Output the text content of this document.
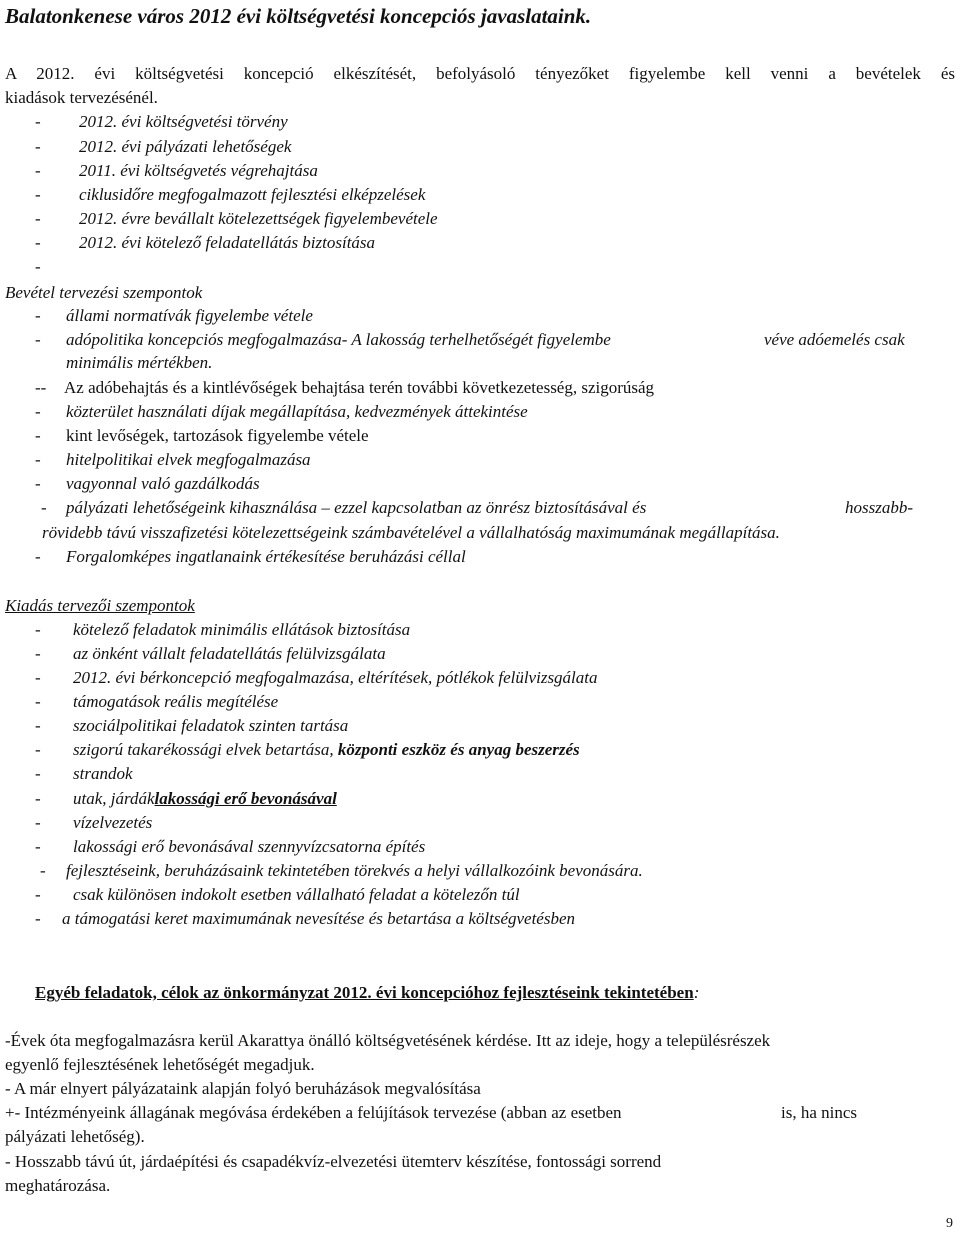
Balatonkenese város 2012 évi költségvetési koncepciós javaslataink.
A 2012. évi költségvetési koncepció elkészítését, befolyásoló tényezőket figyelembe kell venni a bevételek és
kiadások tervezésénél.
- 2012. évi költségvetési törvény
- 2012. évi pályázati lehetőségek
- 2011. évi költségvetés végrehajtása
- ciklusidőre megfogalmazott fejlesztési elképzelések
- 2012. évre bevállalt kötelezettségek figyelembevétele
- 2012. évi kötelező feladatellátás biztosítása
-
Bevétel tervezési szempontok
- állami normatívák figyelembe vétele
- adópolitika koncepciós megfogalmazása- A lakosság terhelhetőségét figyelembe	véve adóemelés csak
minimális mértékben.
-- Az adóbehajtás és a kintlévőségek behajtása terén további következetesség, szigorúság
- közterület használati díjak megállapítása, kedvezmények áttekintése
- kint levőségek, tartozások figyelembe vétele
- hitelpolitikai elvek megfogalmazása
- vagyonnal való gazdálkodás
- pályázati lehetőségeink kihasználása – ezzel kapcsolatban az önrész biztosításával és	hosszabb-
rövidebb távú visszafizetési kötelezettségeink számbavételével a vállalhatóság maximumának megállapítása.
- Forgalomképes ingatlanaink értékesítése beruházási céllal
Kiadás tervezői szempontok
- kötelező feladatok minimális ellátások biztosítása
- az önként vállalt feladatellátás felülvizsgálata
- 2012. évi bérkoncepció megfogalmazása, eltérítések, pótlékok felülvizsgálata
- támogatások reális megítélése
- szociálpolitikai feladatok szinten tartása
- szigorú takarékossági elvek betartása, központi eszköz és anyag beszerzés
- strandok
- utak, járdáklakossági erő bevonásával
- vízelvezetés
- lakossági erő bevonásával szennyvízcsatorna építés
- fejlesztéseink, beruházásaink tekintetében törekvés a helyi vállalkozóink bevonására.
- csak különösen indokolt esetben vállalható feladat a kötelezőn túl
- a támogatási keret maximumának nevesítése és betartása a költségvetésben
Egyéb feladatok, célok az önkormányzat 2012. évi koncepcióhoz fejlesztéseink tekintetében:
-Évek óta megfogalmazásra kerül Akarattya önálló költségvetésének kérdése. Itt az ideje, hogy a településrészek
egyenlő fejlesztésének lehetőségét megadjuk.
- A már elnyert pályázataink alapján folyó beruházások megvalósítása
+- Intézményeink állagának megóvása érdekében a felújítások tervezése (abban az esetben	is, ha nincs
pályázati lehetőség).
- Hosszabb távú út, járdaépítési és csapadékvíz-elvezetési ütemterv készítése, fontossági sorrend
meghatározása.
9
